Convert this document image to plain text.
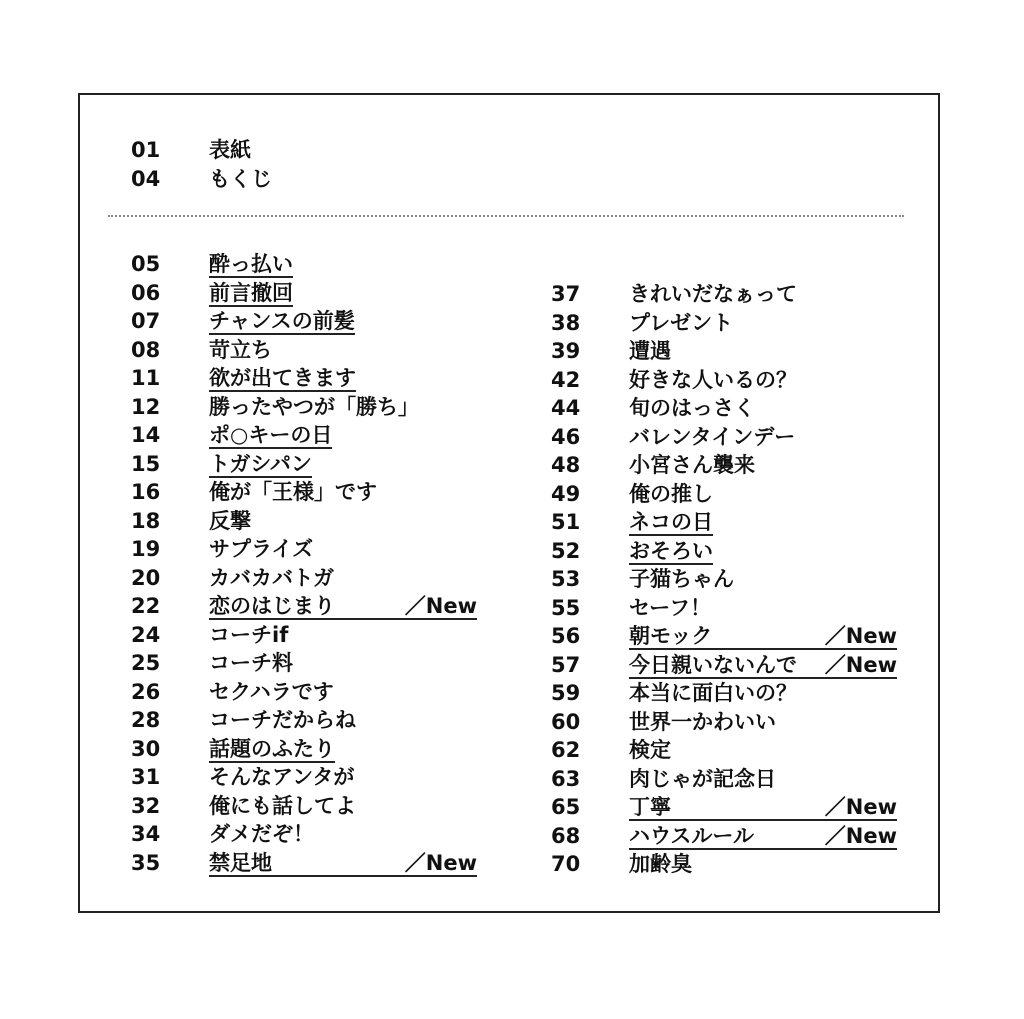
01	表紙
04	もくじ
05	酔っ払い
06	前言撤回
07	チャンスの前髪
08	苛立ち
11	欲が出てきます
12	勝ったやつが「勝ち」
14	ポ○キーの日
15	トガシパン
16	俺が「王様」です
18	反撃
19	サプライズ
20	カバカバトガ
22	恋のはじまり	／New
24	コーチif
25	コーチ料
26	セクハラです
28	コーチだからね
30	話題のふたり
31	そんなアンタが
32	俺にも話してよ
34	ダメだぞ！
35	禁足地	／New
37	きれいだなぁって
38	プレゼント
39	遭遇
42	好きな人いるの？
44	旬のはっさく
46	バレンタインデー
48	小宮さん襲来
49	俺の推し
51	ネコの日
52	おそろい
53	子猫ちゃん
55	セーフ！
56	朝モック	／New
57	今日親いないんで ／New
59	本当に面白いの？
60	世界一かわいい
62	検定
63	肉じゃが記念日
65	丁寧	／New
68	ハウスルール	／New
70	加齢臭
